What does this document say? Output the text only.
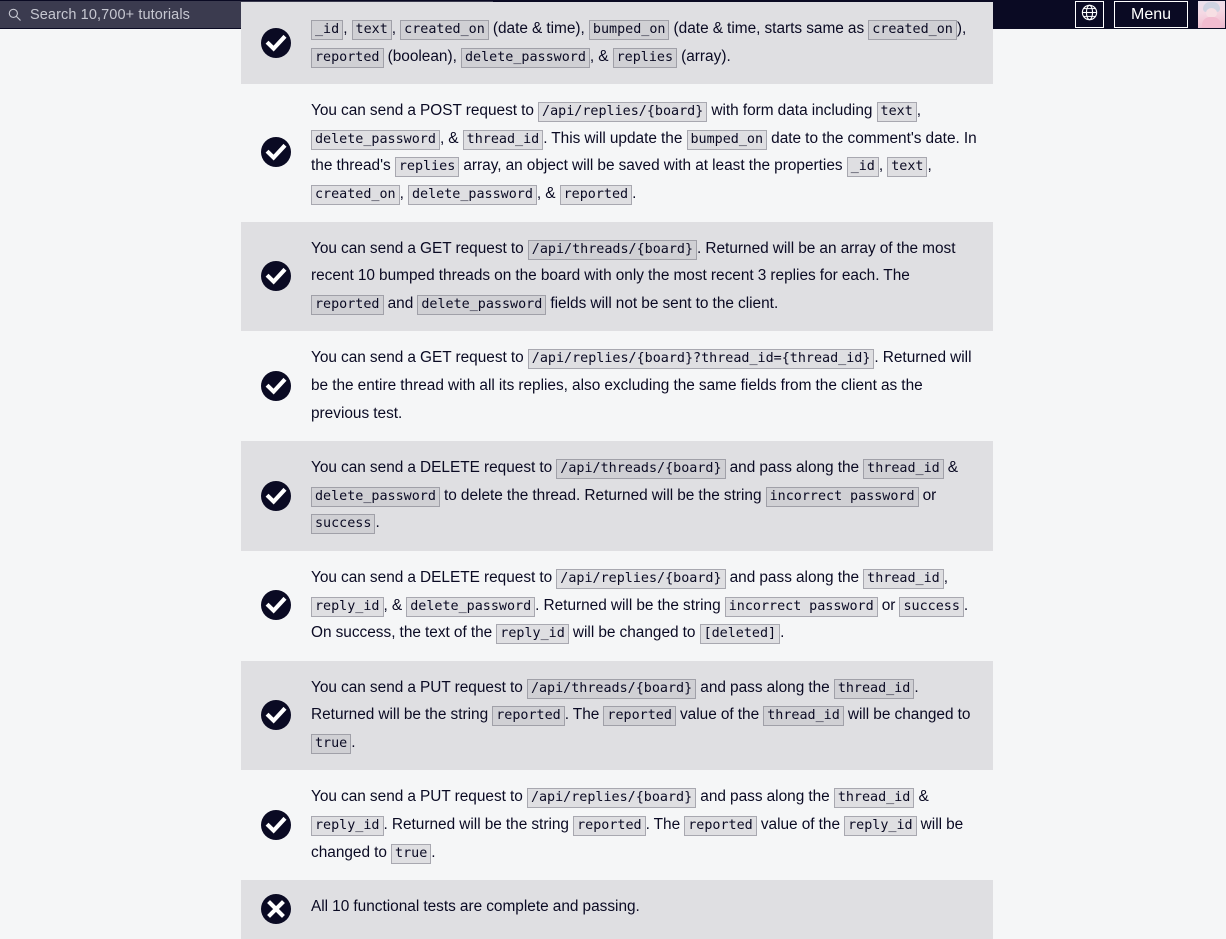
Search 10,700+ tutorials	Menu
_id , text , created_on (date & time), bumped_on (date & time, starts same as created_on ), reported (boolean), delete_password , & replies (array).
You can send a POST request to /api/replies/{board} with form data including text , delete_password , & thread_id . This will update the bumped_on date to the comment's date. In the thread's replies array, an object will be saved with at least the properties _id , text , created_on , delete_password , & reported .
You can send a GET request to /api/threads/{board} . Returned will be an array of the most recent 10 bumped threads on the board with only the most recent 3 replies for each. The reported and delete_password fields will not be sent to the client.
You can send a GET request to /api/replies/{board}?thread_id={thread_id} . Returned will be the entire thread with all its replies, also excluding the same fields from the client as the previous test.
You can send a DELETE request to /api/threads/{board} and pass along the thread_id & delete_password to delete the thread. Returned will be the string incorrect password or success .
You can send a DELETE request to /api/replies/{board} and pass along the thread_id , reply_id , & delete_password . Returned will be the string incorrect password or success . On success, the text of the reply_id will be changed to [deleted] .
You can send a PUT request to /api/threads/{board} and pass along the thread_id . Returned will be the string reported . The reported value of the thread_id will be changed to true .
You can send a PUT request to /api/replies/{board} and pass along the thread_id & reply_id . Returned will be the string reported . The reported value of the reply_id will be changed to true .
All 10 functional tests are complete and passing.
